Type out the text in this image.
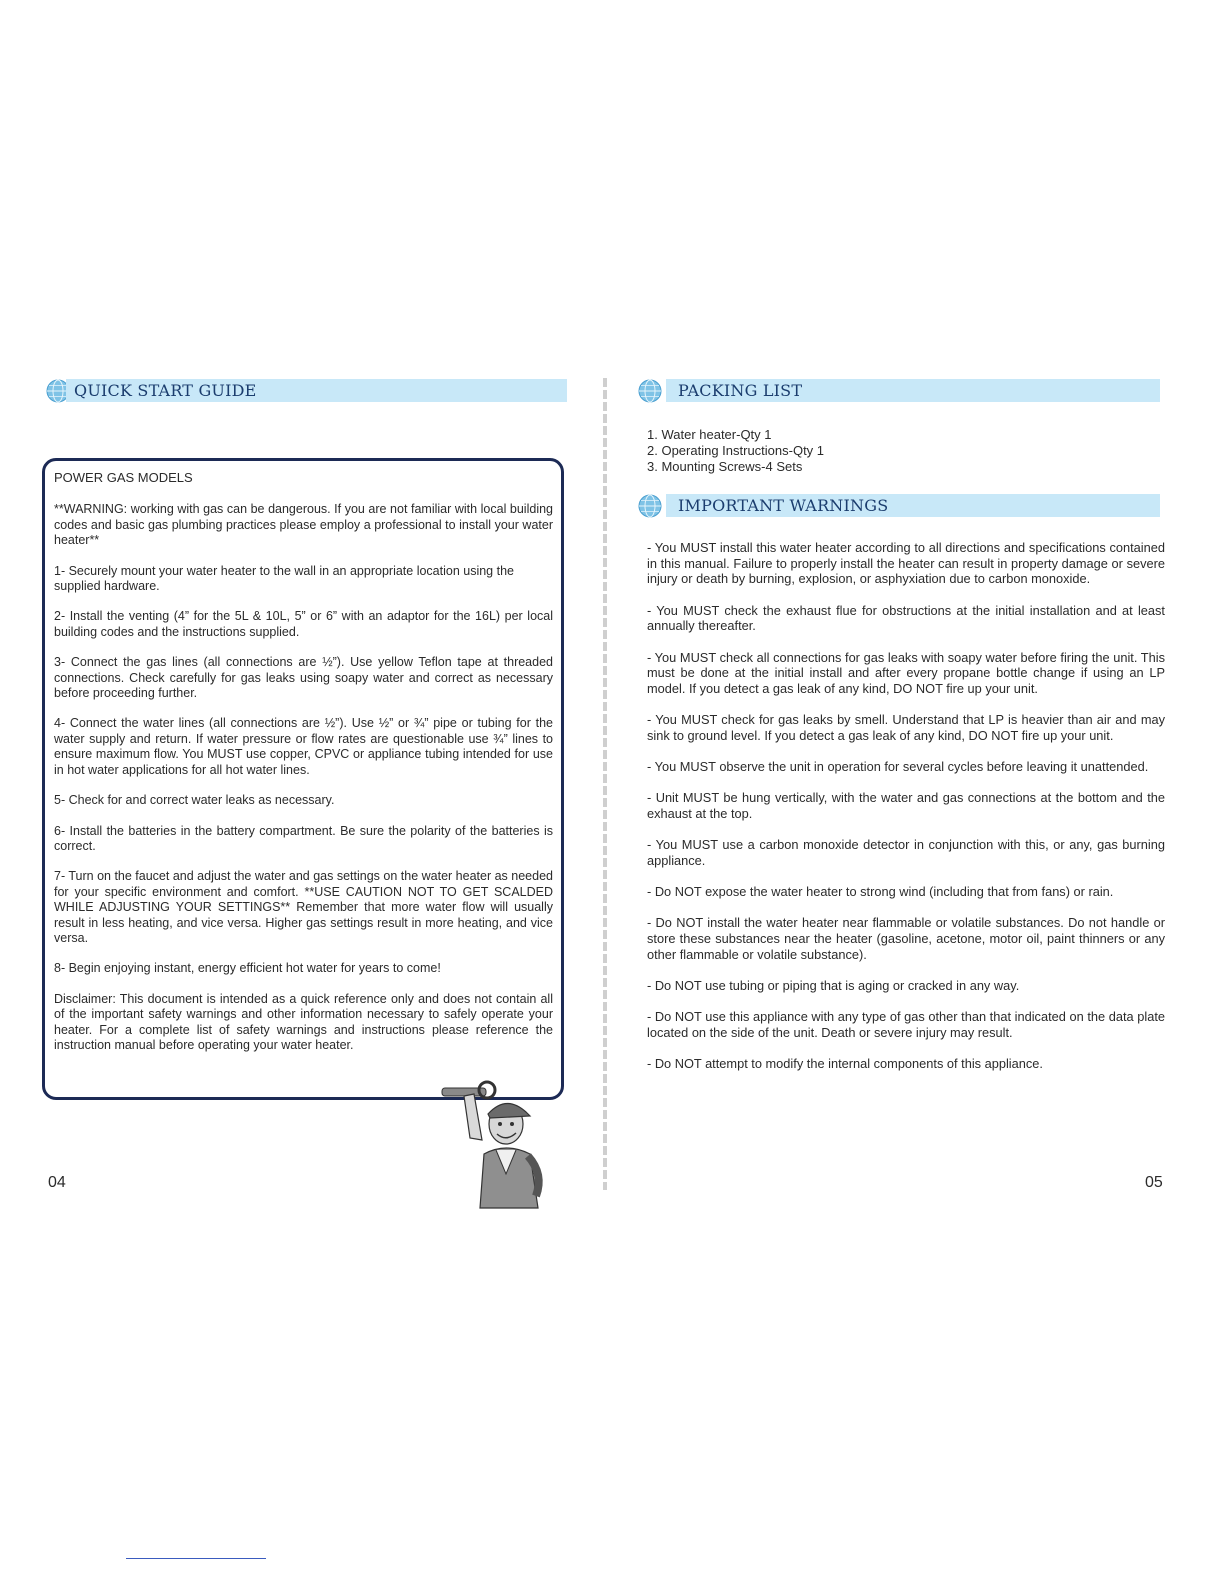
QUICK START GUIDE

POWER GAS MODELS

**WARNING: working with gas can be dangerous. If you are not familiar with local building codes and basic gas plumbing practices please employ a professional to install your water heater**

1- Securely mount your water heater to the wall in an appropriate location using the
supplied hardware.

2- Install the venting (4” for the 5L & 10L, 5” or 6” with an adaptor for the 16L) per local building codes and the instructions supplied.

3- Connect the gas lines (all connections are ½”). Use yellow Teflon tape at threaded connections. Check carefully for gas leaks using soapy water and correct as necessary before proceeding further.

4- Connect the water lines (all connections are ½”). Use ½” or ¾” pipe or tubing for the water supply and return. If water pressure or flow rates are questionable use ¾” lines to ensure maximum flow. You MUST use copper, CPVC or appliance tubing intended for use in hot water applications for all hot water lines.

5- Check for and correct water leaks as necessary.

6- Install the batteries in the battery compartment. Be sure the polarity of the batteries is correct.

7- Turn on the faucet and adjust the water and gas settings on the water heater as needed for your specific environment and comfort. **USE CAUTION NOT TO GET SCALDED WHILE ADJUSTING YOUR SETTINGS** Remember that more water flow will usually result in less heating, and vice versa. Higher gas settings result in more heating, and vice versa.

8- Begin enjoying instant, energy efficient hot water for years to come!

Disclaimer: This document is intended as a quick reference only and does not contain all of the important safety warnings and other information necessary to safely operate your heater. For a complete list of safety warnings and instructions please reference the instruction manual before operating your water heater.

04
PACKING LIST
IMPORTANT WARNINGS
05
1. Water heater-Qty 1
2. Operating Instructions-Qty 1
3. Mounting Screws-4 Sets

- You MUST install this water heater according to all directions and specifications contained in this manual. Failure to properly install the heater can result in property damage or severe injury or death by burning, explosion, or asphyxiation due to carbon monoxide.

- You MUST check the exhaust flue for obstructions at the initial installation and at least annually thereafter.

- You MUST check all connections for gas leaks with soapy water before firing the unit. This must be done at the initial install and after every propane bottle change if using an LP model. If you detect a gas leak of any kind, DO NOT fire up your unit.

- You MUST check for gas leaks by smell. Understand that LP is heavier than air and may sink to ground level. If you detect a gas leak of any kind, DO NOT fire up your unit.

- You MUST observe the unit in operation for several cycles before leaving it unattended.

- Unit MUST be hung vertically, with the water and gas connections at the bottom and the exhaust at the top.

- You MUST use a carbon monoxide detector in conjunction with this, or any, gas burning appliance.

- Do NOT expose the water heater to strong wind (including that from fans) or rain.

- Do NOT install the water heater near flammable or volatile substances. Do not handle or store these substances near the heater (gasoline, acetone, motor oil, paint thinners or any other flammable or volatile substance).

- Do NOT use tubing or piping that is aging or cracked in any way.

- Do NOT use this appliance with any type of gas other than that indicated on the data plate located on the side of the unit. Death or severe injury may result.

- Do NOT attempt to modify the internal components of this appliance.
